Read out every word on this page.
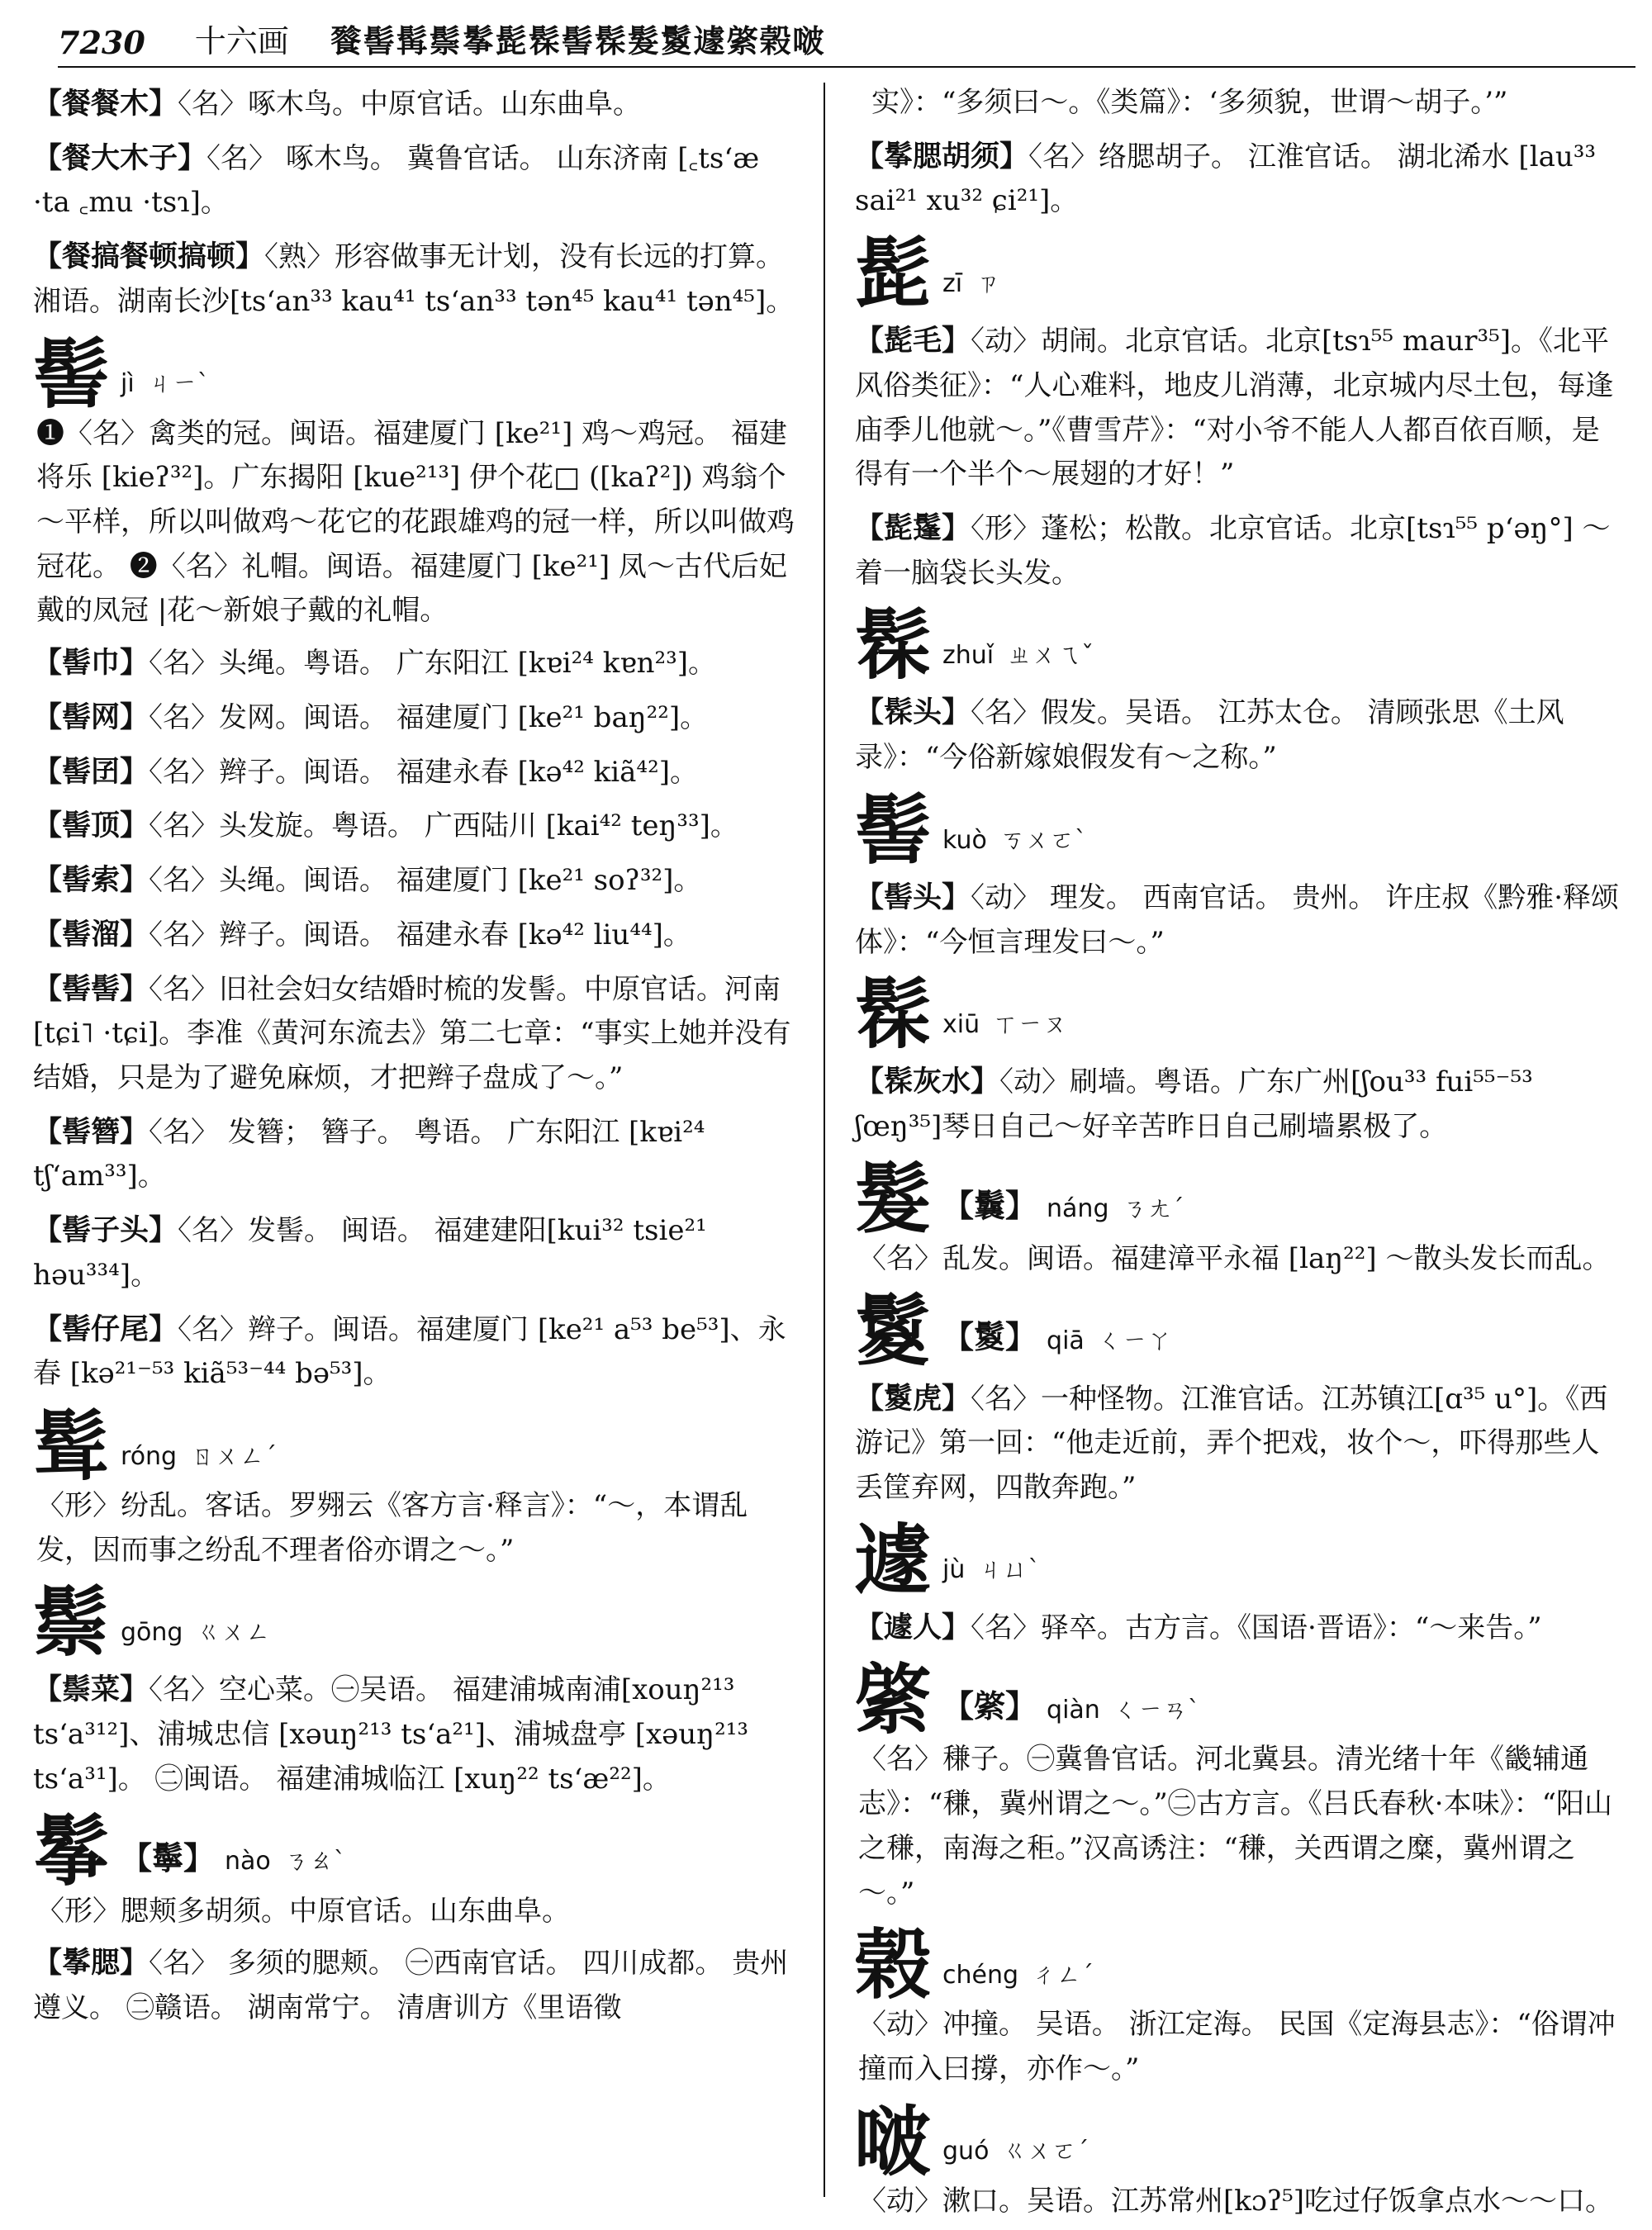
7230 十六画 餮髻髯鬃鬇髭髹髻髹髮鬉遽綮榖啵
【餐餐木】〈名〉啄木鸟。中原官话。山东曲阜。
【餐大木子】〈名〉 啄木鸟。 冀鲁官话。 山东济南 [꜀tsʻæ ·ta ꜀mu ·tsɿ]。
【餐搞餐顿搞顿】〈熟〉形容做事无计划，没有长远的打算。湘语。湖南长沙[tsʻan³³ kau⁴¹ tsʻan³³ tən⁴⁵ kau⁴¹ tən⁴⁵]。
髻 jì ㄐㄧˋ
❶〈名〉禽类的冠。闽语。福建厦门 [ke²¹] 鸡～鸡冠。 福建将乐 [kieʔ³²]。广东揭阳 [kue²¹³] 伊个花□ ([kaʔ²]) 鸡翁个～平样，所以叫做鸡～花它的花跟雄鸡的冠一样，所以叫做鸡冠花。 ❷〈名〉礼帽。闽语。福建厦门 [ke²¹] 凤～古代后妃戴的凤冠 |花～新娘子戴的礼帽。
【髻巾】〈名〉头绳。粤语。 广东阳江 [kɐi²⁴ kɐn²³]。
【髻网】〈名〉发网。闽语。 福建厦门 [ke²¹ baŋ²²]。
【髻囝】〈名〉辫子。闽语。 福建永春 [kə⁴² kiã⁴²]。
【髻顶】〈名〉头发旋。粤语。 广西陆川 [kai⁴² teŋ³³]。
【髻索】〈名〉头绳。闽语。 福建厦门 [ke²¹ soʔ³²]。
【髻溜】〈名〉辫子。闽语。 福建永春 [kə⁴² liu⁴⁴]。
【髻髻】〈名〉旧社会妇女结婚时梳的发髻。中原官话。河南 [tɕi˥ ·tɕi]。李准《黄河东流去》第二七章：“事实上她并没有结婚，只是为了避免麻烦，才把辫子盘成了～。”
【髻簪】〈名〉 发簪； 簪子。 粤语。 广东阳江 [kɐi²⁴ tʃʻam³³]。
【髻子头】〈名〉发髻。 闽语。 福建建阳[kui³² tsie²¹ həu³³⁴]。
【髻仔尾】〈名〉辫子。闽语。福建厦门 [ke²¹ a⁵³ be⁵³]、永春 [kə²¹⁻⁵³ kiã⁵³⁻⁴⁴ bə⁵³]。
髶 róng ㄖㄨㄥˊ
〈形〉纷乱。客话。罗翙云《客方言·释言》：“～，本谓乱发，因而事之纷乱不理者俗亦谓之～。”
鬃 gōng ㄍㄨㄥ
【鬃菜】〈名〉空心菜。㊀吴语。 福建浦城南浦[xouŋ²¹³ tsʻa³¹²]、浦城忠信 [xəuŋ²¹³ tsʻa²¹]、浦城盘亭 [xəuŋ²¹³ tsʻa³¹]。 ㊁闽语。 福建浦城临江 [xuŋ²² tsʻæ²²]。
鬇 【鬡】 nào ㄋㄠˋ
〈形〉腮颊多胡须。中原官话。山东曲阜。
【鬇腮】〈名〉 多须的腮颊。 ㊀西南官话。 四川成都。 贵州遵义。 ㊁赣语。 湖南常宁。 清唐训方《里语徵
实》：“多须曰～。《类篇》：‘多须貌，世谓～胡子。’”
【鬇腮胡须】〈名〉络腮胡子。 江淮官话。 湖北浠水 [lau³³ sai²¹ xu³² ɕi²¹]。
髭 zī ㄗ
【髭毛】〈动〉胡闹。北京官话。北京[tsɿ⁵⁵ maur³⁵]。《北平风俗类征》：“人心难料，地皮儿消薄，北京城内尽土包，每逢庙季儿他就～。”《曹雪芹》：“对小爷不能人人都百依百顺，是得有一个半个～展翅的才好！”
【髭鬔】〈形〉蓬松；松散。北京官话。北京[tsɿ⁵⁵ pʻəŋ°] ～着一脑袋长头发。
髹 zhuǐ ㄓㄨㄟˇ
【髹头】〈名〉假发。吴语。 江苏太仓。 清顾张思《土风录》：“今俗新嫁娘假发有～之称。”
髻 kuò ㄎㄨㄛˋ
【髻头】〈动〉 理发。 西南官话。 贵州。 许庄叔《黔雅·释颂体》：“今恒言理发曰～。”
髹 xiū ㄒㄧㄡ
【髹灰水】〈动〉刷墙。粤语。广东广州[ʃou³³ fui⁵⁵⁻⁵³ ʃœŋ³⁵]琴日自己～好辛苦昨日自己刷墙累极了。
髮 【鬤】 náng ㄋㄤˊ
〈名〉乱发。闽语。福建漳平永福 [laŋ²²] ～散头发长而乱。
鬉 【鬉】 qiā ㄑㄧㄚ
【鬉虎】〈名〉一种怪物。江淮官话。江苏镇江[ɑ³⁵ u°]。《西游记》第一回：“他走近前，弄个把戏，妆个～，吓得那些人丢筐弃网，四散奔跑。”
遽 jù ㄐㄩˋ
【遽人】〈名〉驿卒。古方言。《国语·晋语》：“～来告。”
綮 【綮】 qiàn ㄑㄧㄢˋ
〈名〉稴子。㊀冀鲁官话。河北冀县。清光绪十年《畿辅通志》：“稴，冀州谓之～。”㊁古方言。《吕氏春秋·本味》：“阳山之稴，南海之秬。”汉高诱注：“稴，关西谓之糜，冀州谓之～。”
榖 chéng ㄔㄥˊ
〈动〉冲撞。 吴语。 浙江定海。 民国《定海县志》：“俗谓冲撞而入曰撐，亦作～。”
啵 guó ㄍㄨㄛˊ
〈动〉漱口。吴语。江苏常州[kɔʔ⁵]吃过仔饭拿点水～～口。
